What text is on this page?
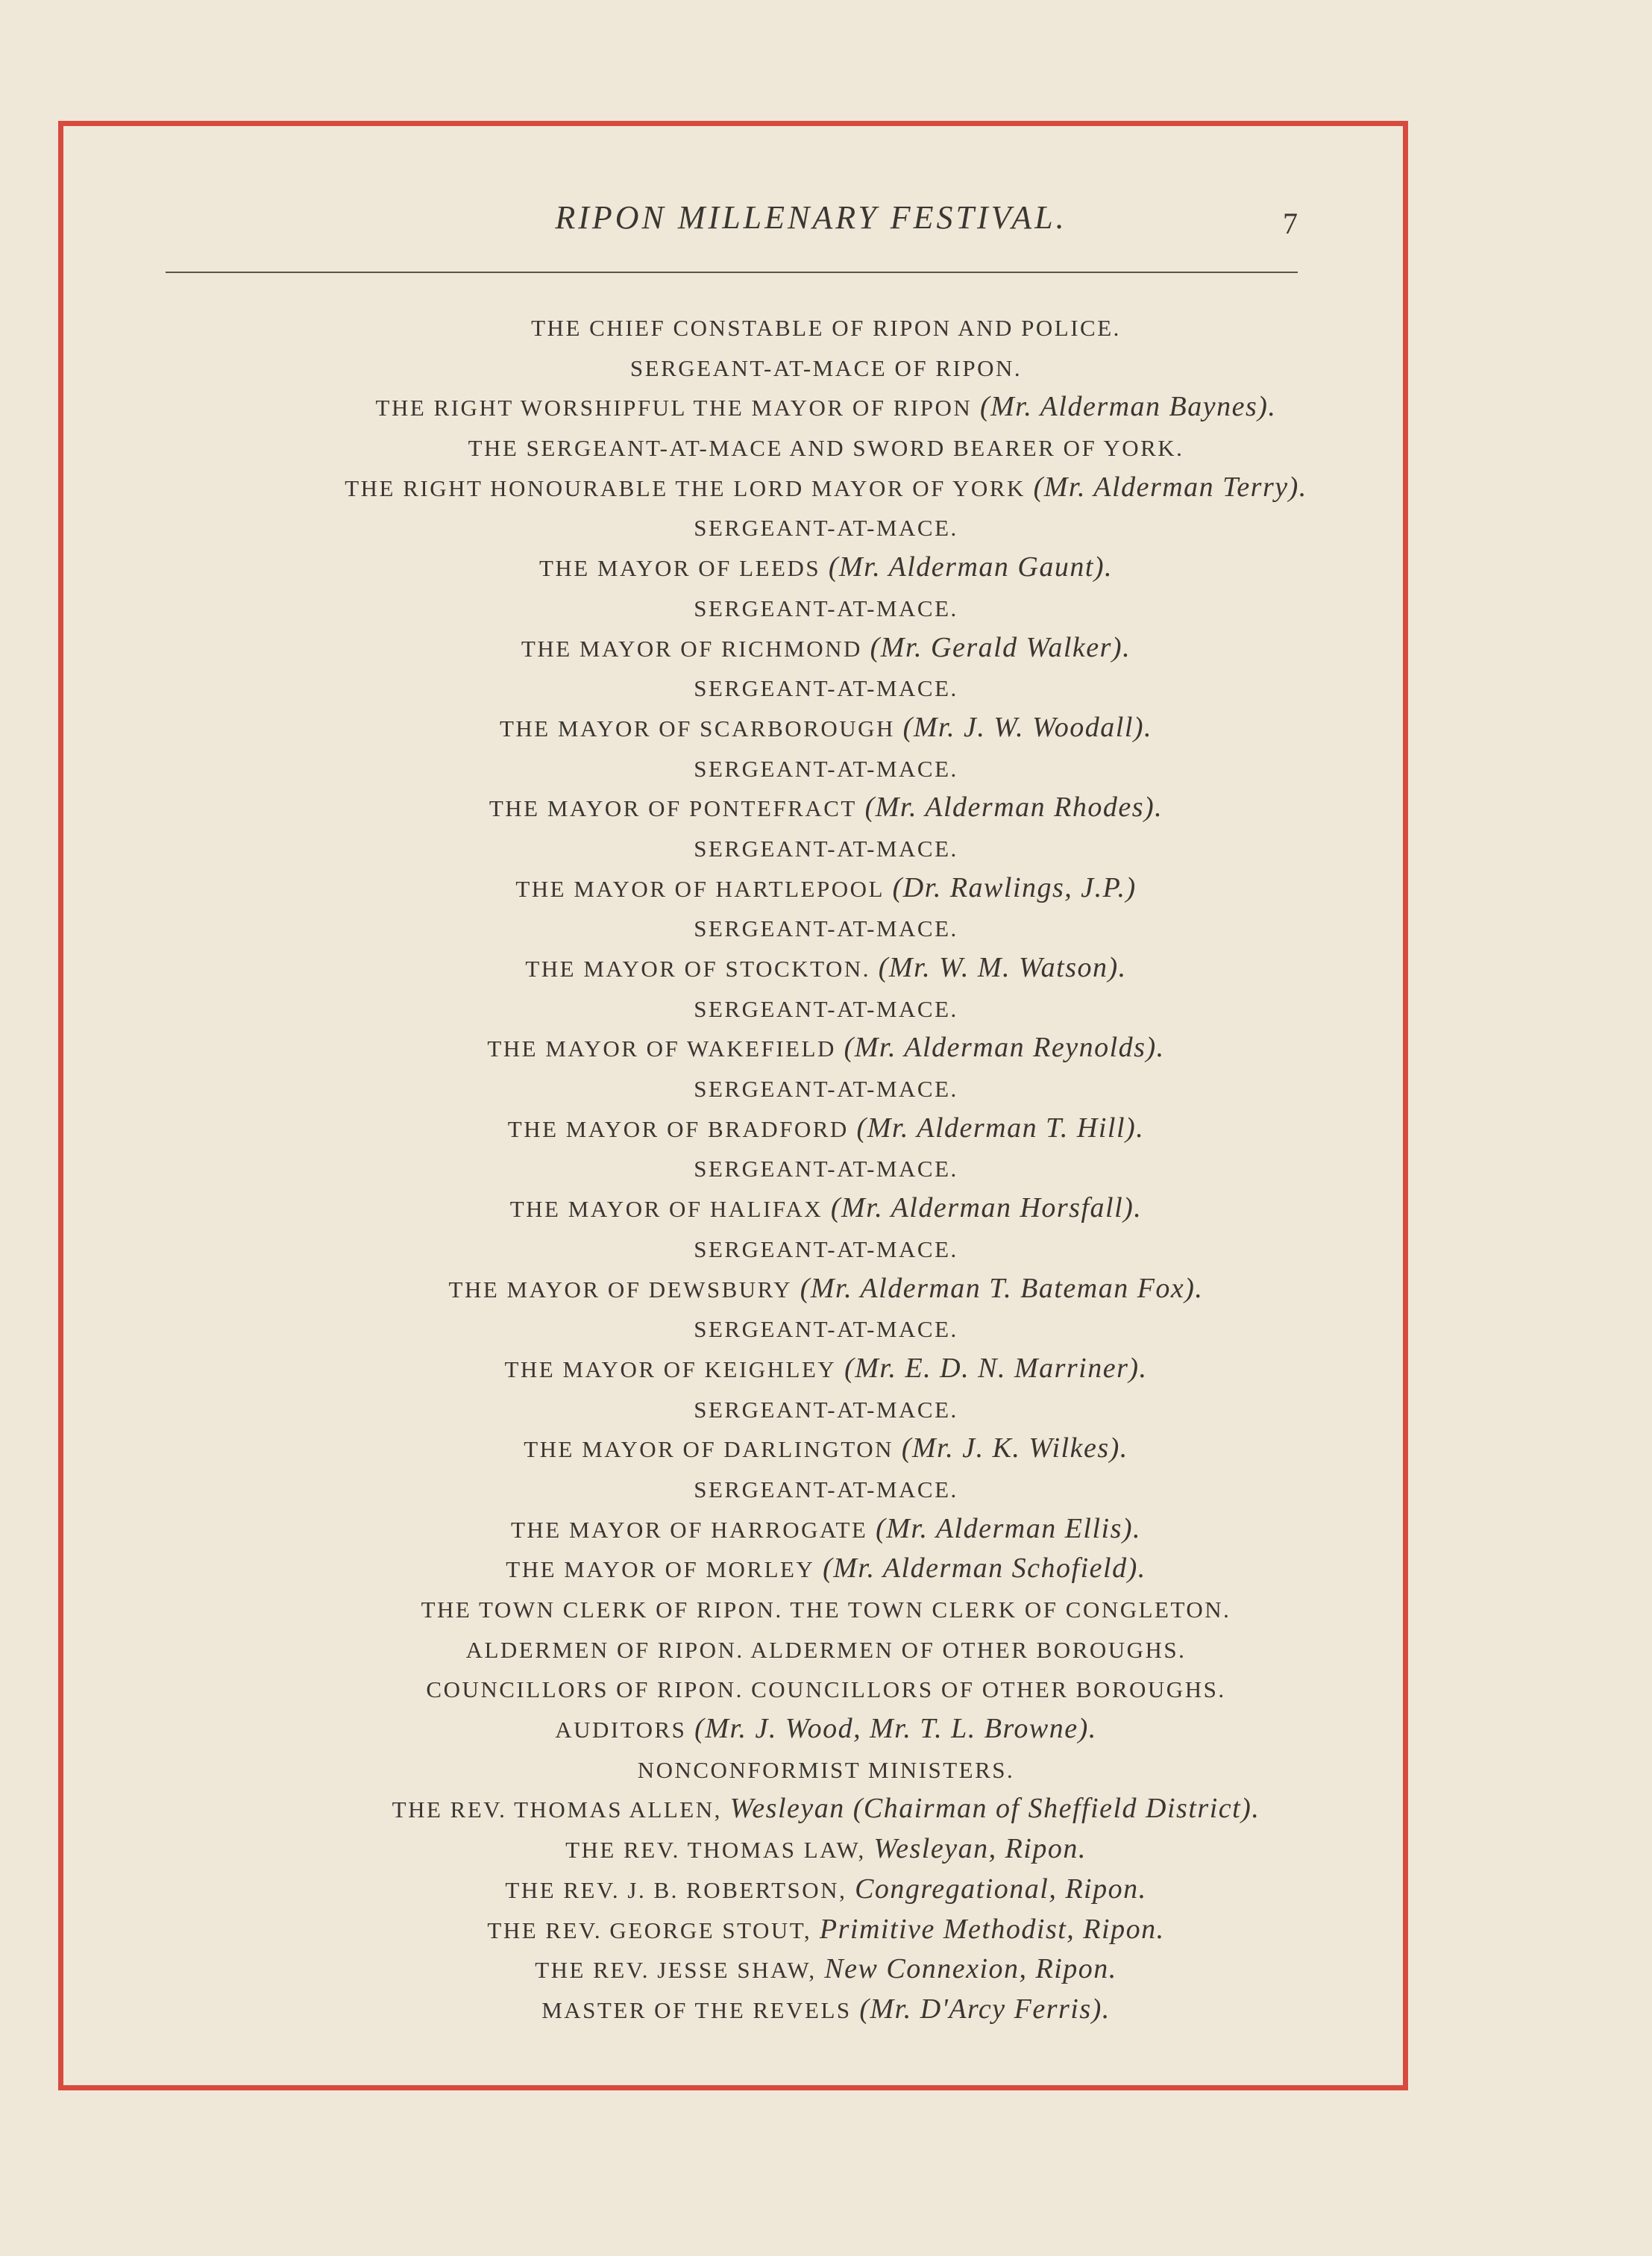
RIPON MILLENARY FESTIVAL.	7
THE CHIEF CONSTABLE OF RIPON AND POLICE.
SERGEANT-AT-MACE OF RIPON.
THE RIGHT WORSHIPFUL THE MAYOR OF RIPON (Mr. Alderman Baynes).
THE SERGEANT-AT-MACE AND SWORD BEARER OF YORK.
THE RIGHT HONOURABLE THE LORD MAYOR OF YORK (Mr. Alderman Terry).
SERGEANT-AT-MACE.
THE MAYOR OF LEEDS (Mr. Alderman Gaunt).
SERGEANT-AT-MACE.
THE MAYOR OF RICHMOND (Mr. Gerald Walker).
SERGEANT-AT-MACE.
THE MAYOR OF SCARBOROUGH (Mr. J. W. Woodall).
SERGEANT-AT-MACE.
THE MAYOR OF PONTEFRACT (Mr. Alderman Rhodes).
SERGEANT-AT-MACE.
THE MAYOR OF HARTLEPOOL (Dr. Rawlings, J.P.)
SERGEANT-AT-MACE.
THE MAYOR OF STOCKTON. (Mr. W. M. Watson).
SERGEANT-AT-MACE.
THE MAYOR OF WAKEFIELD (Mr. Alderman Reynolds).
SERGEANT-AT-MACE.
THE MAYOR OF BRADFORD (Mr. Alderman T. Hill).
SERGEANT-AT-MACE.
THE MAYOR OF HALIFAX (Mr. Alderman Horsfall).
SERGEANT-AT-MACE.
THE MAYOR OF DEWSBURY (Mr. Alderman T. Bateman Fox).
SERGEANT-AT-MACE.
THE MAYOR OF KEIGHLEY (Mr. E. D. N. Marriner).
SERGEANT-AT-MACE.
THE MAYOR OF DARLINGTON (Mr. J. K. Wilkes).
SERGEANT-AT-MACE.
THE MAYOR OF HARROGATE (Mr. Alderman Ellis).
THE MAYOR OF MORLEY (Mr. Alderman Schofield).
THE TOWN CLERK OF RIPON. THE TOWN CLERK OF CONGLETON.
ALDERMEN OF RIPON. ALDERMEN OF OTHER BOROUGHS.
COUNCILLORS OF RIPON. COUNCILLORS OF OTHER BOROUGHS.
AUDITORS (Mr. J. Wood, Mr. T. L. Browne).
NONCONFORMIST MINISTERS.
THE REV. THOMAS ALLEN, Wesleyan (Chairman of Sheffield District).
THE REV. THOMAS LAW, Wesleyan, Ripon.
THE REV. J. B. ROBERTSON, Congregational, Ripon.
THE REV. GEORGE STOUT, Primitive Methodist, Ripon.
THE REV. JESSE SHAW, New Connexion, Ripon.
MASTER OF THE REVELS (Mr. D'Arcy Ferris).
